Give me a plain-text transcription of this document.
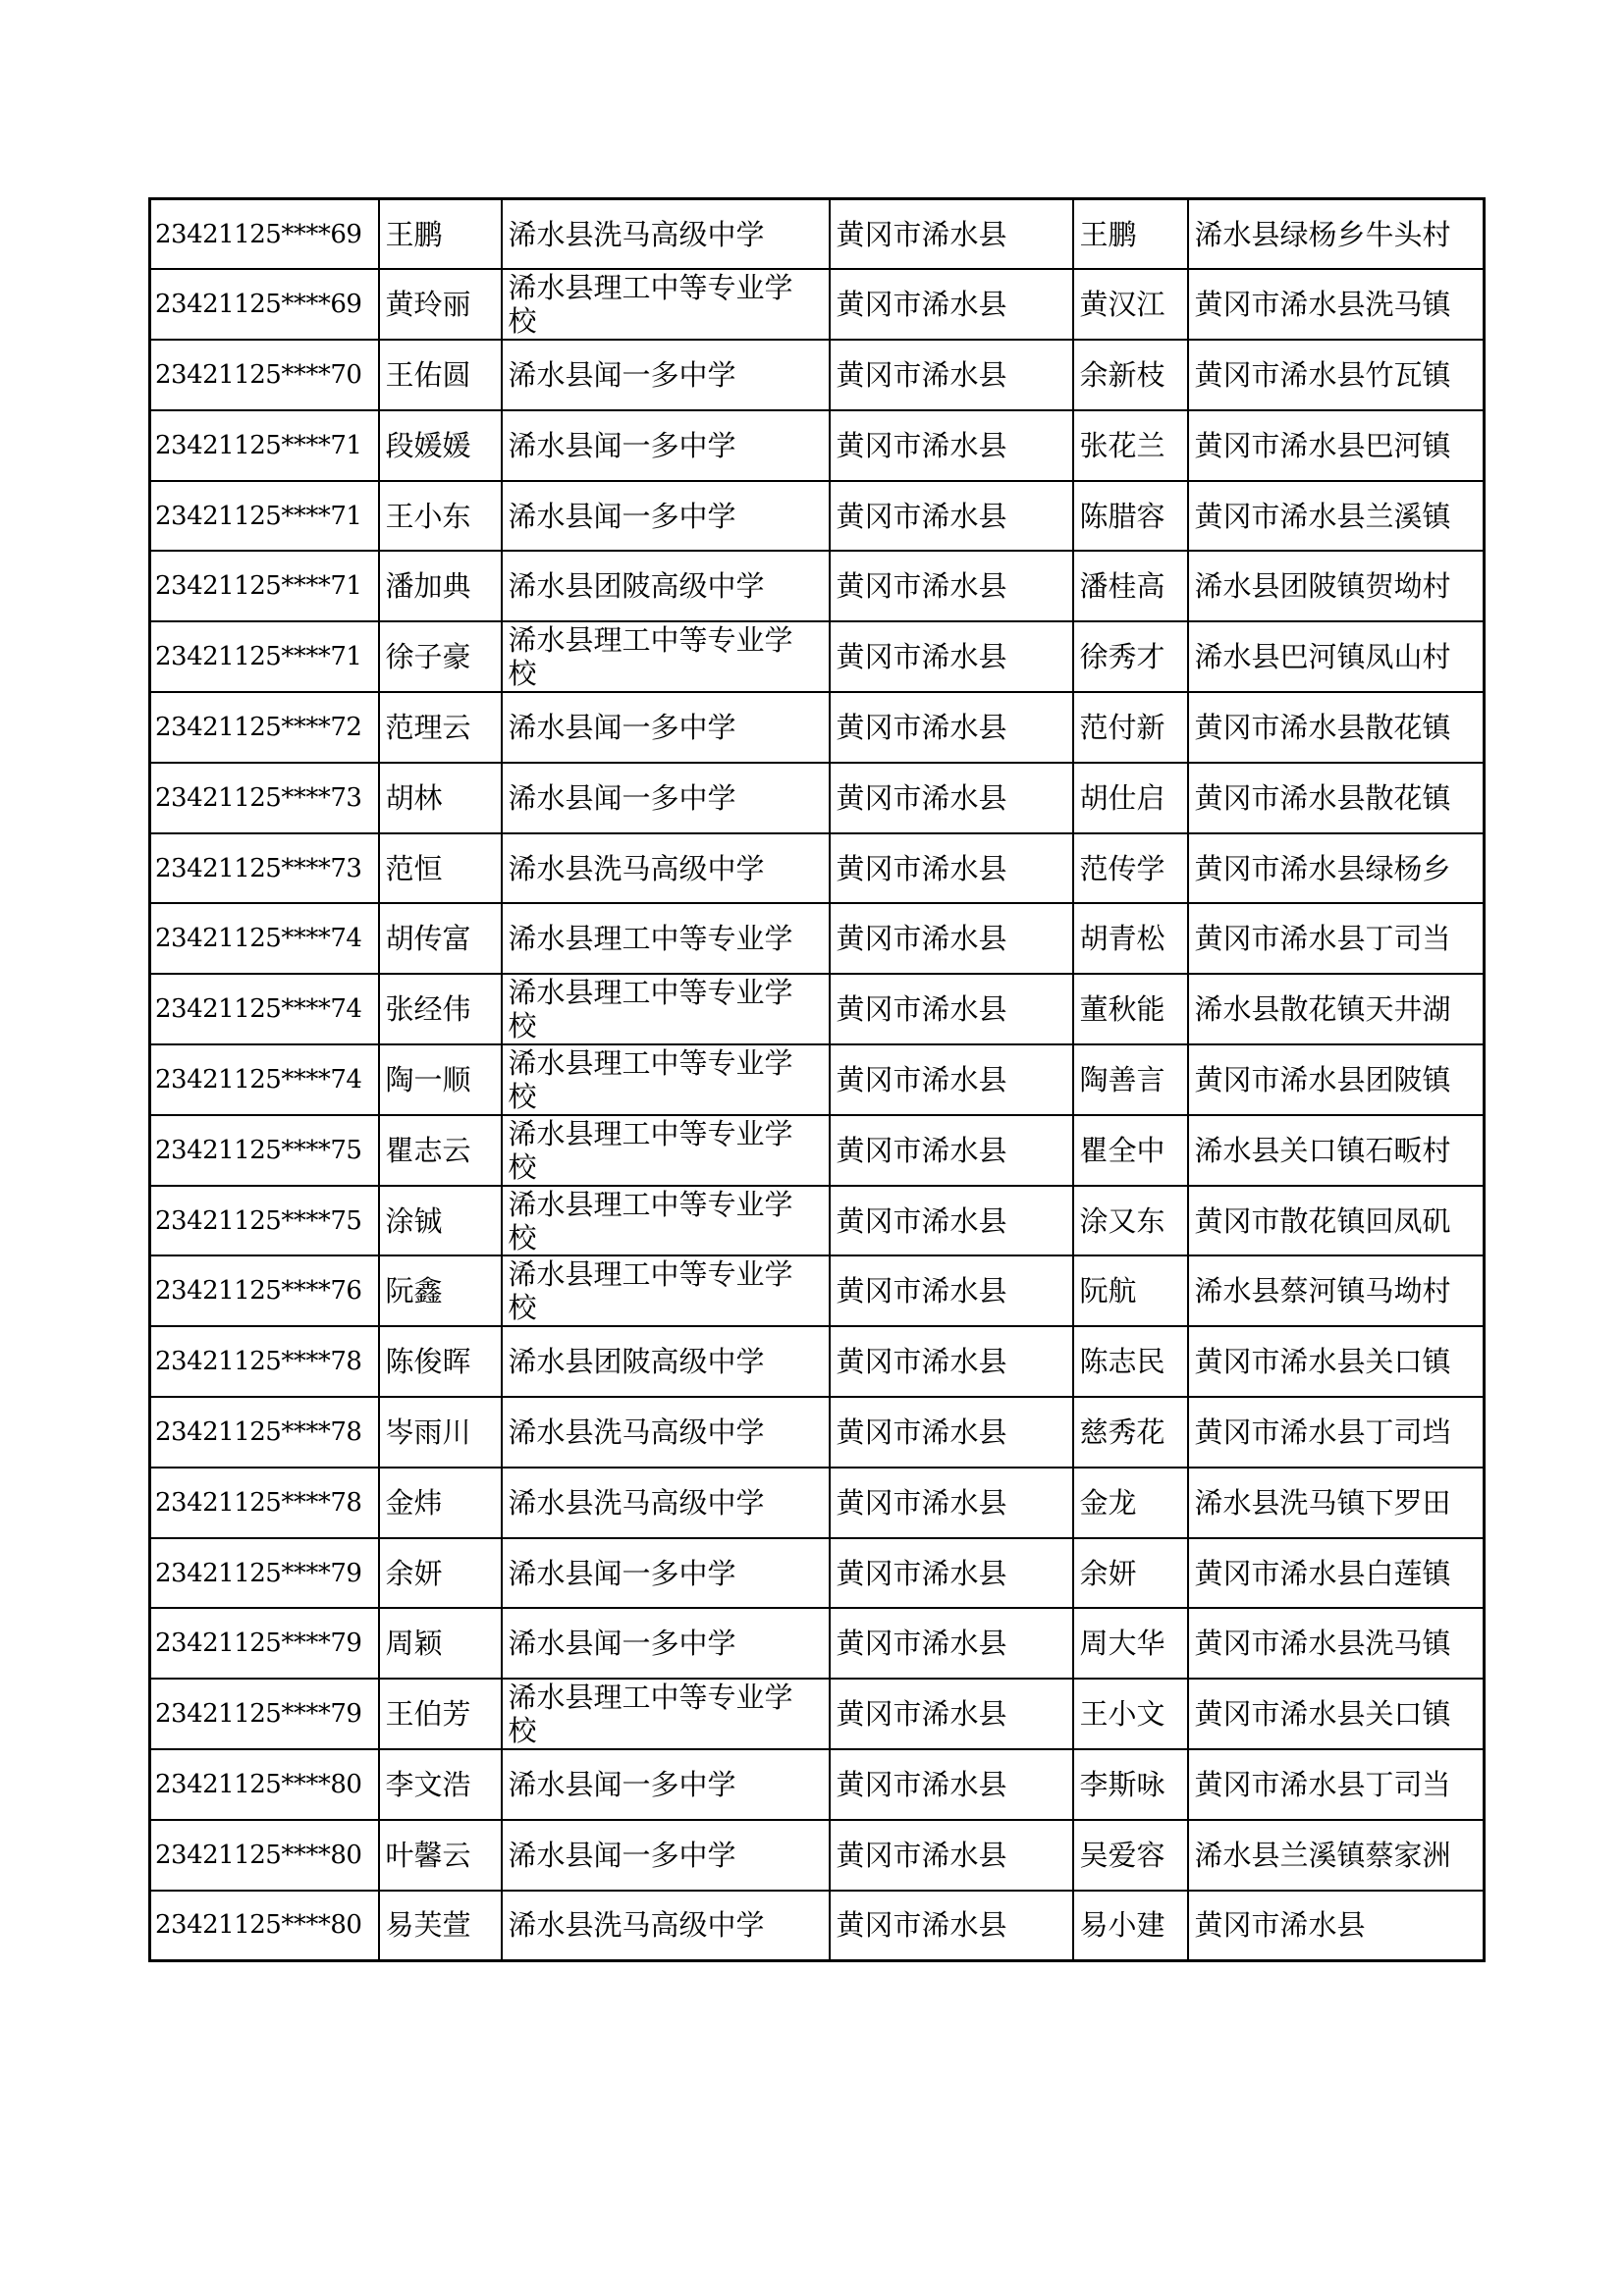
23421125****69	王鹏	浠水县洗马高级中学	黄冈市浠水县	王鹏	浠水县绿杨乡牛头村
23421125****69	黄玲丽	浠水县理工中等专业学校	黄冈市浠水县	黄汉江	黄冈市浠水县洗马镇
23421125****70	王佑圆	浠水县闻一多中学	黄冈市浠水县	余新枝	黄冈市浠水县竹瓦镇
23421125****71	段媛媛	浠水县闻一多中学	黄冈市浠水县	张花兰	黄冈市浠水县巴河镇
23421125****71	王小东	浠水县闻一多中学	黄冈市浠水县	陈腊容	黄冈市浠水县兰溪镇
23421125****71	潘加典	浠水县团陂高级中学	黄冈市浠水县	潘桂高	浠水县团陂镇贺坳村
23421125****71	徐子豪	浠水县理工中等专业学校	黄冈市浠水县	徐秀才	浠水县巴河镇凤山村
23421125****72	范理云	浠水县闻一多中学	黄冈市浠水县	范付新	黄冈市浠水县散花镇
23421125****73	胡林	浠水县闻一多中学	黄冈市浠水县	胡仕启	黄冈市浠水县散花镇
23421125****73	范恒	浠水县洗马高级中学	黄冈市浠水县	范传学	黄冈市浠水县绿杨乡
23421125****74	胡传富	浠水县理工中等专业学	黄冈市浠水县	胡青松	黄冈市浠水县丁司当
23421125****74	张经伟	浠水县理工中等专业学校	黄冈市浠水县	董秋能	浠水县散花镇天井湖
23421125****74	陶一顺	浠水县理工中等专业学校	黄冈市浠水县	陶善言	黄冈市浠水县团陂镇
23421125****75	瞿志云	浠水县理工中等专业学校	黄冈市浠水县	瞿全中	浠水县关口镇石畈村
23421125****75	涂铖	浠水县理工中等专业学校	黄冈市浠水县	涂又东	黄冈市散花镇回凤矶
23421125****76	阮鑫	浠水县理工中等专业学校	黄冈市浠水县	阮航	浠水县蔡河镇马坳村
23421125****78	陈俊晖	浠水县团陂高级中学	黄冈市浠水县	陈志民	黄冈市浠水县关口镇
23421125****78	岑雨川	浠水县洗马高级中学	黄冈市浠水县	慈秀花	黄冈市浠水县丁司垱
23421125****78	金炜	浠水县洗马高级中学	黄冈市浠水县	金龙	浠水县洗马镇下罗田
23421125****79	余妍	浠水县闻一多中学	黄冈市浠水县	余妍	黄冈市浠水县白莲镇
23421125****79	周颖	浠水县闻一多中学	黄冈市浠水县	周大华	黄冈市浠水县洗马镇
23421125****79	王伯芳	浠水县理工中等专业学校	黄冈市浠水县	王小文	黄冈市浠水县关口镇
23421125****80	李文浩	浠水县闻一多中学	黄冈市浠水县	李斯咏	黄冈市浠水县丁司当
23421125****80	叶馨云	浠水县闻一多中学	黄冈市浠水县	吴爱容	浠水县兰溪镇蔡家洲
23421125****80	易芙萱	浠水县洗马高级中学	黄冈市浠水县	易小建	黄冈市浠水县
